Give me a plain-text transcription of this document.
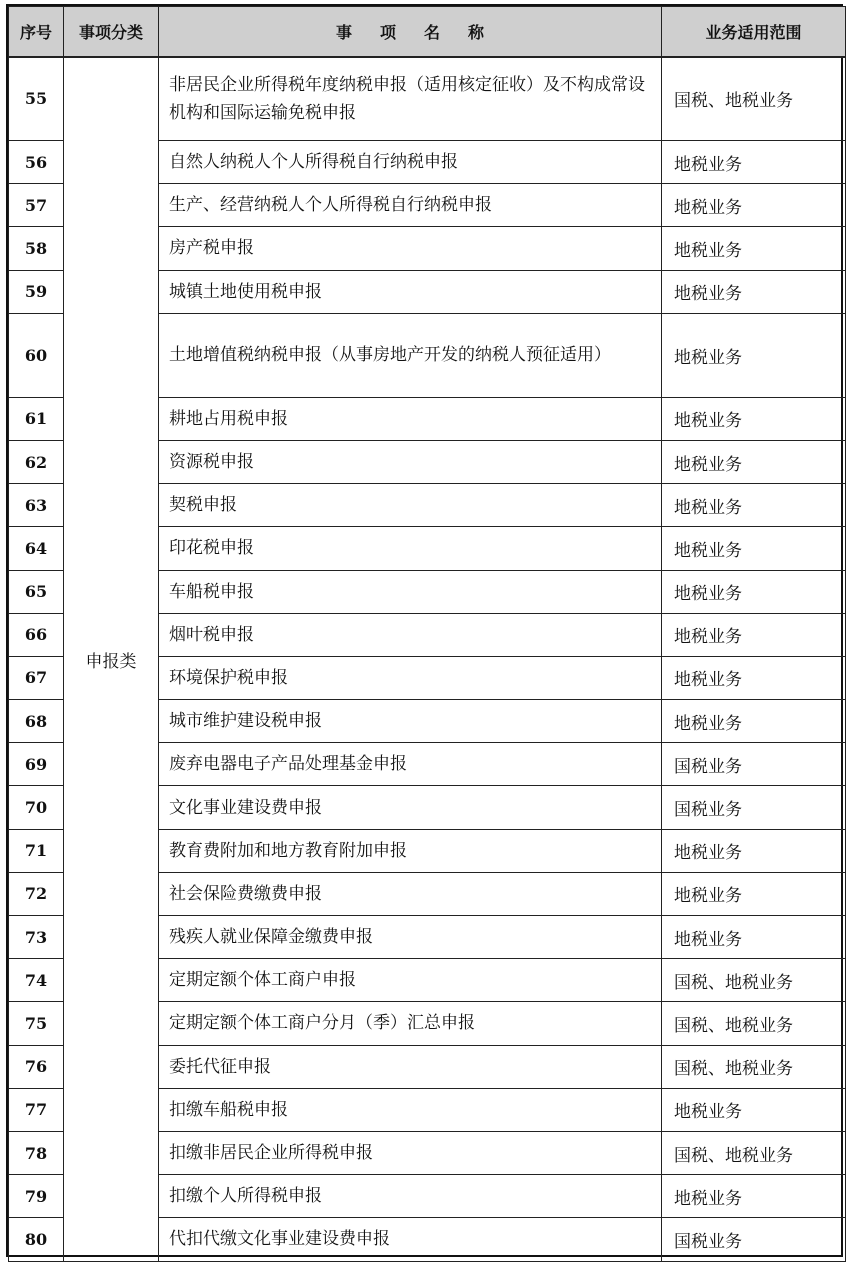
序号	事项分类	事项名称	业务适用范围
55	申报类	非居民企业所得税年度纳税申报（适用核定征收）及不构成常设机构和国际运输免税申报	国税、地税业务
56		自然人纳税人个人所得税自行纳税申报	地税业务
57		生产、经营纳税人个人所得税自行纳税申报	地税业务
58		房产税申报	地税业务
59		城镇土地使用税申报	地税业务
60		土地增值税纳税申报（从事房地产开发的纳税人预征适用）	地税业务
61		耕地占用税申报	地税业务
62		资源税申报	地税业务
63		契税申报	地税业务
64		印花税申报	地税业务
65		车船税申报	地税业务
66		烟叶税申报	地税业务
67		环境保护税申报	地税业务
68		城市维护建设税申报	地税业务
69		废弃电器电子产品处理基金申报	国税业务
70		文化事业建设费申报	国税业务
71		教育费附加和地方教育附加申报	地税业务
72		社会保险费缴费申报	地税业务
73		残疾人就业保障金缴费申报	地税业务
74		定期定额个体工商户申报	国税、地税业务
75		定期定额个体工商户分月（季）汇总申报	国税、地税业务
76		委托代征申报	国税、地税业务
77		扣缴车船税申报	地税业务
78		扣缴非居民企业所得税申报	国税、地税业务
79		扣缴个人所得税申报	地税业务
80		代扣代缴文化事业建设费申报	国税业务
